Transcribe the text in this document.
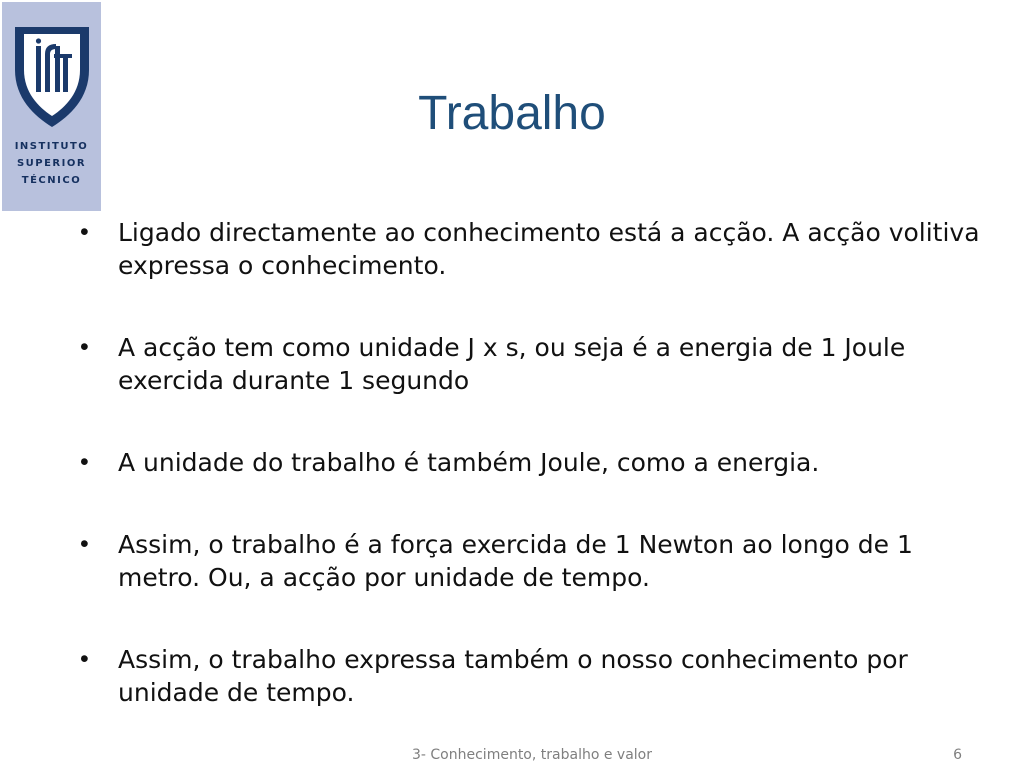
INSTITUTO
SUPERIOR
TÉCNICO
Trabalho
• Ligado directamente ao conhecimento está a acção. A acção volitiva expressa o conhecimento.
• A acção tem como unidade J x s, ou seja é a energia de 1 Joule exercida durante 1 segundo
• A unidade do trabalho é também Joule, como a energia.
• Assim, o trabalho é a força exercida de 1 Newton ao longo de 1 metro. Ou, a acção por unidade de tempo.
• Assim, o trabalho expressa também o nosso conhecimento por unidade de tempo.
3- Conhecimento, trabalho e valor	6
